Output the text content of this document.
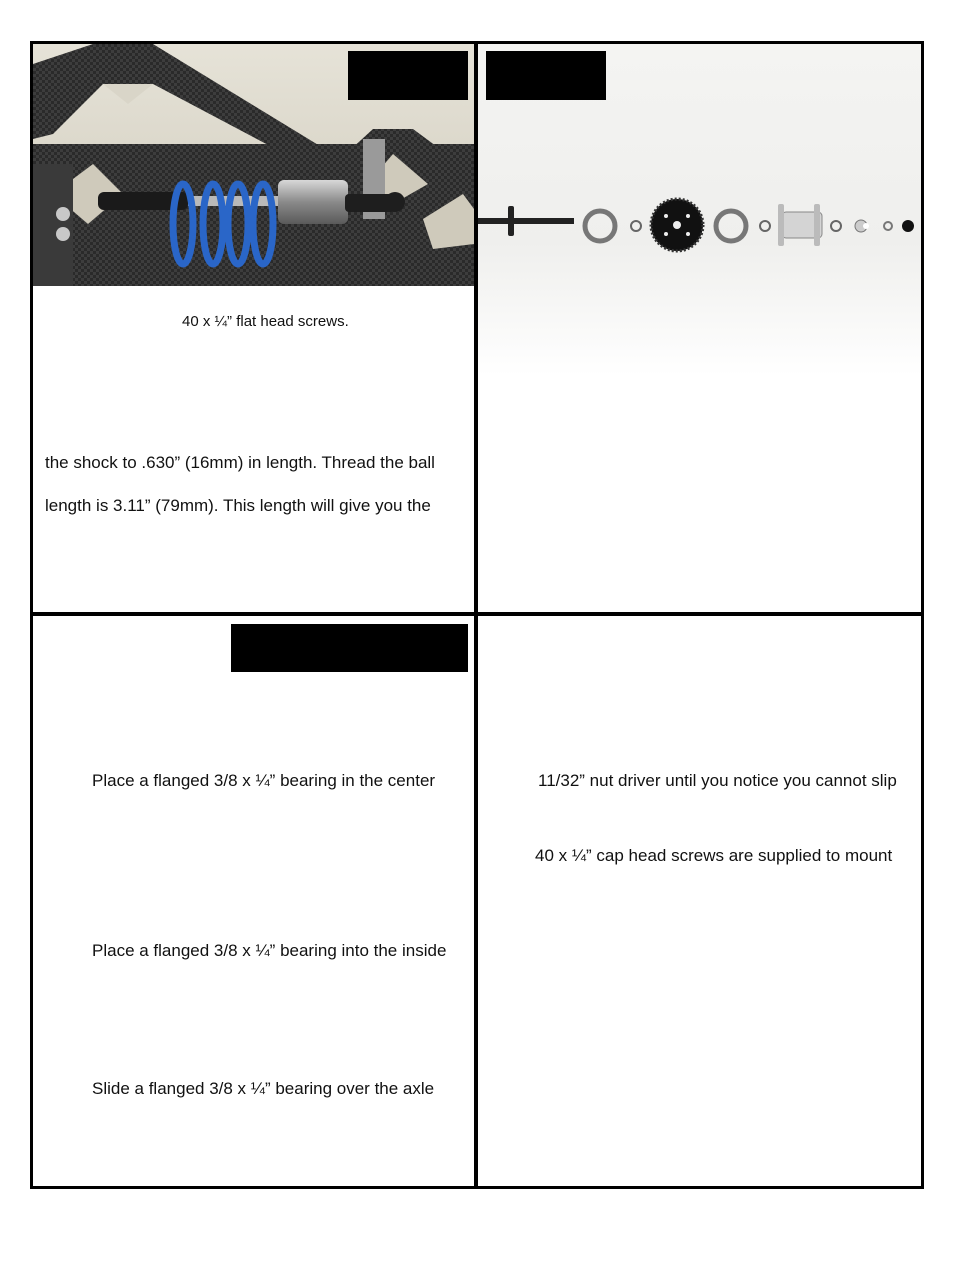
40 x ¼” flat head screws.
the shock to .630” (16mm) in length. Thread the ball
length is 3.11” (79mm). This length will give you the
Place a flanged 3/8 x ¼” bearing in the center
Place a flanged 3/8 x ¼” bearing into the inside
Slide a flanged 3/8 x ¼” bearing over the axle
11/32” nut driver until you notice you cannot slip
40 x ¼” cap head screws are supplied to mount
